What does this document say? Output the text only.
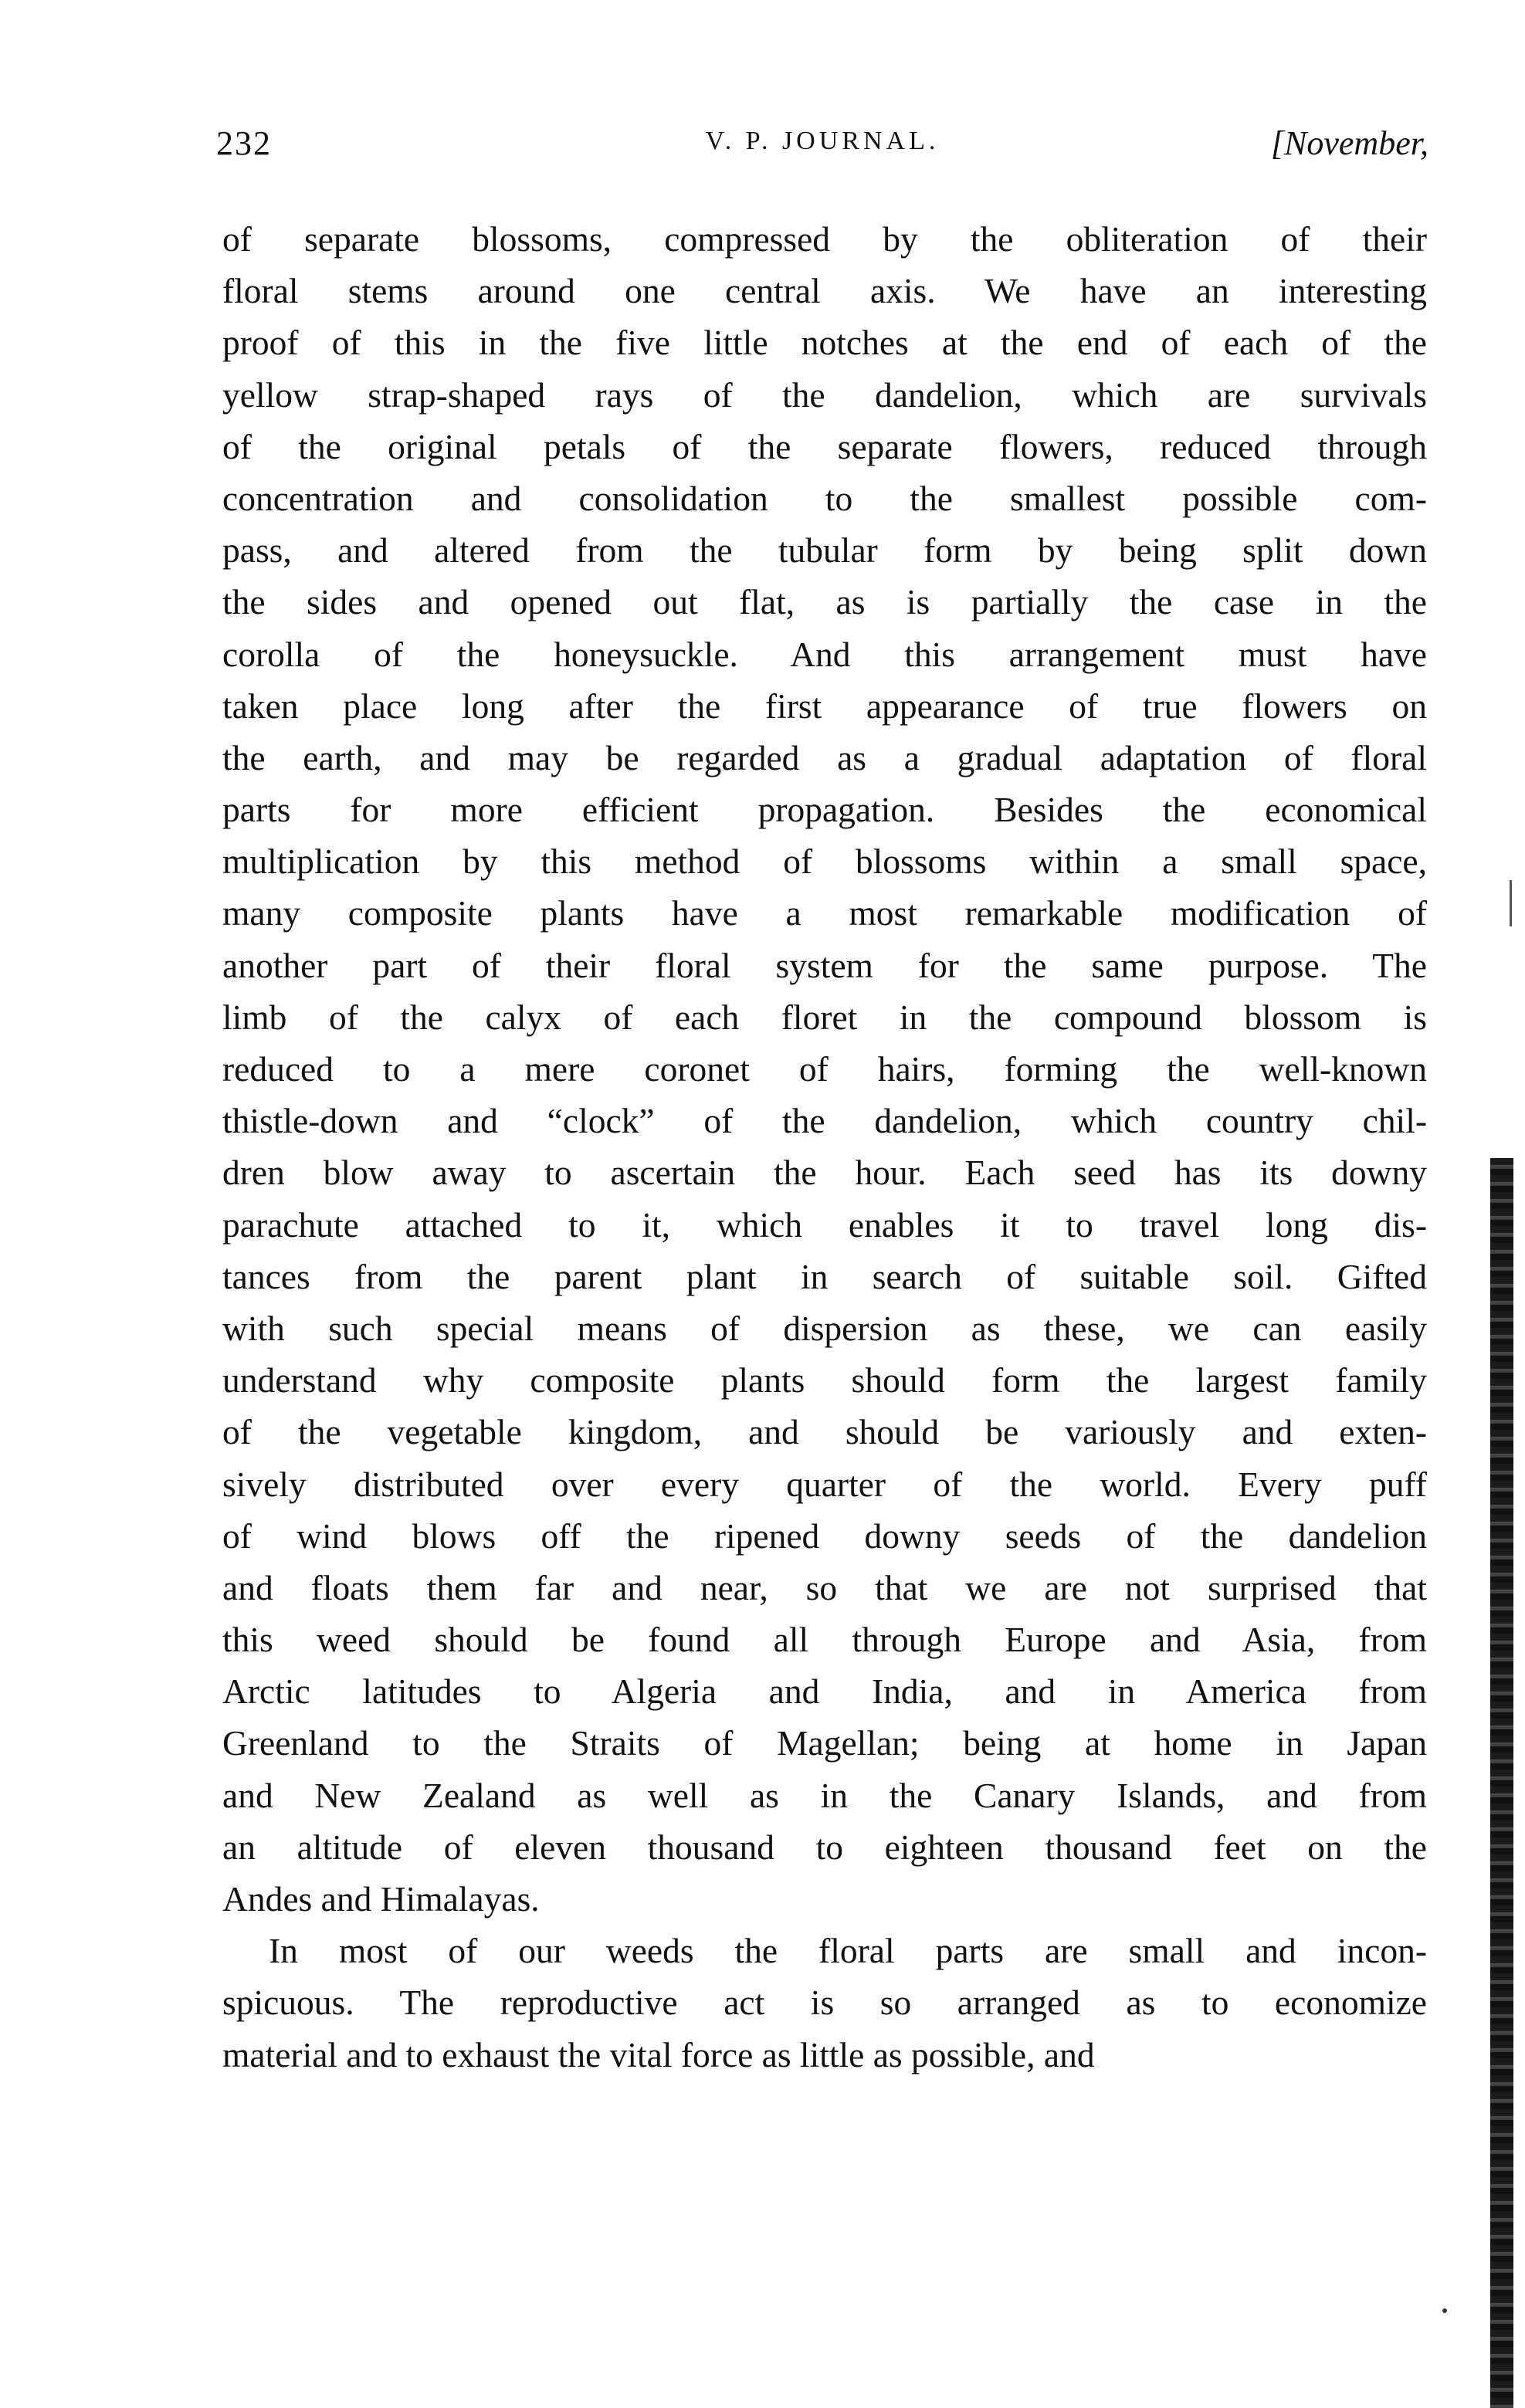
232	V. P. JOURNAL.	[November,
of separate blossoms, compressed by the obliteration of their
floral stems around one central axis. We have an interesting
proof of this in the five little notches at the end of each of the
yellow strap-shaped rays of the dandelion, which are survivals
of the original petals of the separate flowers, reduced through
concentration and consolidation to the smallest possible com-
pass, and altered from the tubular form by being split down
the sides and opened out flat, as is partially the case in the
corolla of the honeysuckle. And this arrangement must have
taken place long after the first appearance of true flowers on
the earth, and may be regarded as a gradual adaptation of floral
parts for more efficient propagation. Besides the economical
multiplication by this method of blossoms within a small space,
many composite plants have a most remarkable modification of
another part of their floral system for the same purpose. The
limb of the calyx of each floret in the compound blossom is
reduced to a mere coronet of hairs, forming the well-known
thistle-down and “clock” of the dandelion, which country chil-
dren blow away to ascertain the hour. Each seed has its downy
parachute attached to it, which enables it to travel long dis-
tances from the parent plant in search of suitable soil. Gifted
with such special means of dispersion as these, we can easily
understand why composite plants should form the largest family
of the vegetable kingdom, and should be variously and exten-
sively distributed over every quarter of the world. Every puff
of wind blows off the ripened downy seeds of the dandelion
and floats them far and near, so that we are not surprised that
this weed should be found all through Europe and Asia, from
Arctic latitudes to Algeria and India, and in America from
Greenland to the Straits of Magellan; being at home in Japan
and New Zealand as well as in the Canary Islands, and from
an altitude of eleven thousand to eighteen thousand feet on the
Andes and Himalayas.
In most of our weeds the floral parts are small and incon-
spicuous. The reproductive act is so arranged as to economize
material and to exhaust the vital force as little as possible, and
